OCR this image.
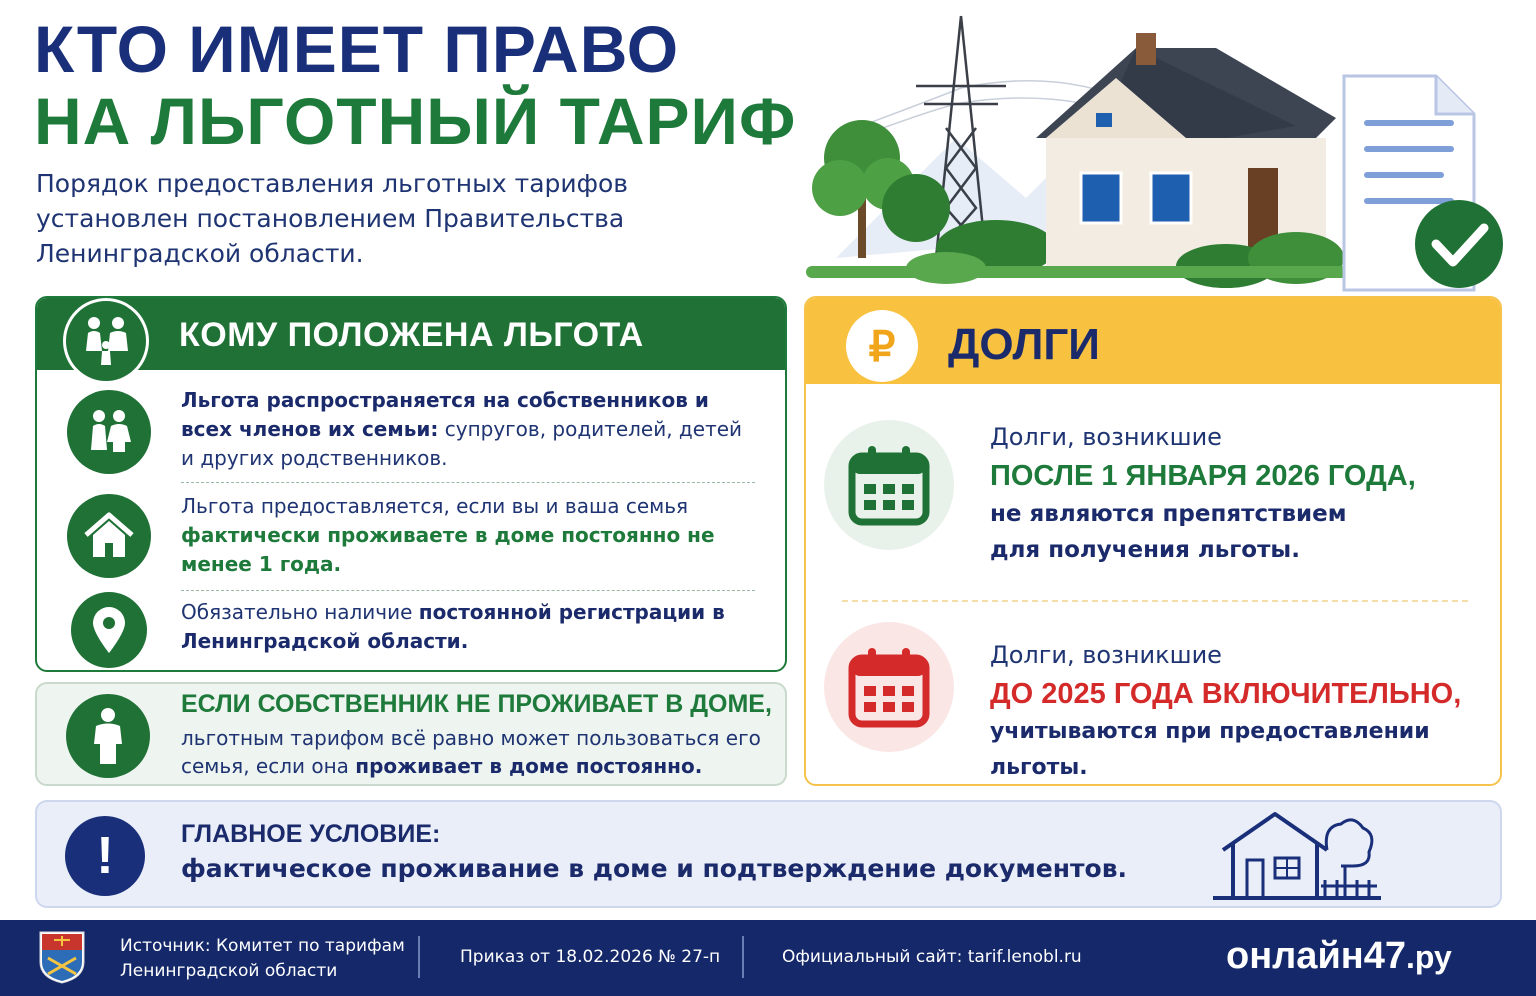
КТО ИМЕЕТ ПРАВО
НА ЛЬГОТНЫЙ ТАРИФ
Порядок предоставления льготных тарифов установлен постановлением Правительства Ленинградской области.
КОМУ ПОЛОЖЕНА ЛЬГОТА
Льгота распространяется на собственников и всех членов их семьи: супругов, родителей, детей и других родственников.
Льгота предоставляется, если вы и ваша семья фактически проживаете в доме постоянно не менее 1 года.
Обязательно наличие постоянной регистрации в Ленинградской области.
ЕСЛИ СОБСТВЕННИК НЕ ПРОЖИВАЕТ В ДОМЕ,
льготным тарифом всё равно может пользоваться его семья, если она проживает в доме постоянно.
₽	ДОЛГИ
Долги, возникшие
ПОСЛЕ 1 ЯНВАРЯ 2026 ГОДА,
не являются препятствием
для получения льготы.
Долги, возникшие
ДО 2025 ГОДА ВКЛЮЧИТЕЛЬНО,
учитываются при предоставлении льготы.
!	ГЛАВНОЕ УСЛОВИЕ:
фактическое проживание в доме и подтверждение документов.
Источник: Комитет по тарифам
Ленинградской области
Приказ от 18.02.2026 № 27-п	Официальный сайт: tarif.lenobl.ru	онлайн47.ру
